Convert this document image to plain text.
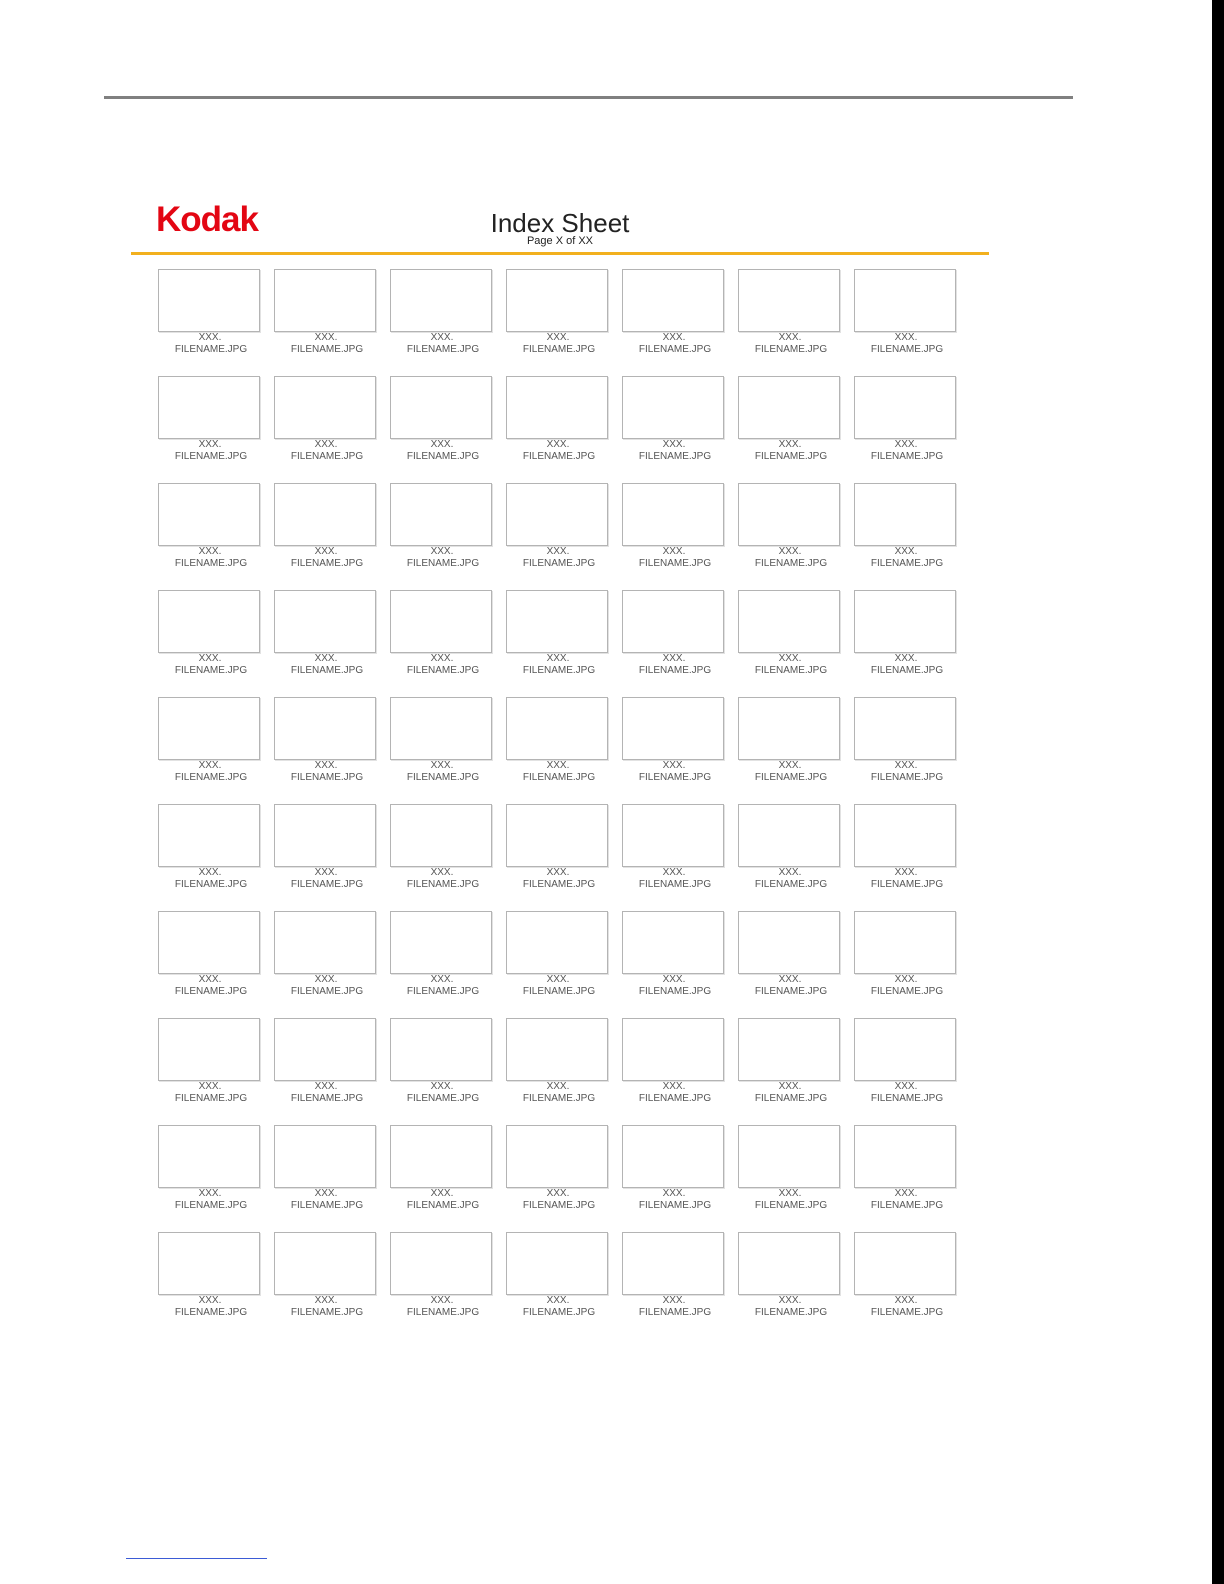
Kodak	Index Sheet
Page X of XX
XXX.
FILENAME.JPG
XXX.
FILENAME.JPG
XXX.
FILENAME.JPG
XXX.
FILENAME.JPG
XXX.
FILENAME.JPG
XXX.
FILENAME.JPG
XXX.
FILENAME.JPG
XXX.
FILENAME.JPG
XXX.
FILENAME.JPG
XXX.
FILENAME.JPG
XXX.
FILENAME.JPG
XXX.
FILENAME.JPG
XXX.
FILENAME.JPG
XXX.
FILENAME.JPG
XXX.
FILENAME.JPG
XXX.
FILENAME.JPG
XXX.
FILENAME.JPG
XXX.
FILENAME.JPG
XXX.
FILENAME.JPG
XXX.
FILENAME.JPG
XXX.
FILENAME.JPG
XXX.
FILENAME.JPG
XXX.
FILENAME.JPG
XXX.
FILENAME.JPG
XXX.
FILENAME.JPG
XXX.
FILENAME.JPG
XXX.
FILENAME.JPG
XXX.
FILENAME.JPG
XXX.
FILENAME.JPG
XXX.
FILENAME.JPG
XXX.
FILENAME.JPG
XXX.
FILENAME.JPG
XXX.
FILENAME.JPG
XXX.
FILENAME.JPG
XXX.
FILENAME.JPG
XXX.
FILENAME.JPG
XXX.
FILENAME.JPG
XXX.
FILENAME.JPG
XXX.
FILENAME.JPG
XXX.
FILENAME.JPG
XXX.
FILENAME.JPG
XXX.
FILENAME.JPG
XXX.
FILENAME.JPG
XXX.
FILENAME.JPG
XXX.
FILENAME.JPG
XXX.
FILENAME.JPG
XXX.
FILENAME.JPG
XXX.
FILENAME.JPG
XXX.
FILENAME.JPG
XXX.
FILENAME.JPG
XXX.
FILENAME.JPG
XXX.
FILENAME.JPG
XXX.
FILENAME.JPG
XXX.
FILENAME.JPG
XXX.
FILENAME.JPG
XXX.
FILENAME.JPG
XXX.
FILENAME.JPG
XXX.
FILENAME.JPG
XXX.
FILENAME.JPG
XXX.
FILENAME.JPG
XXX.
FILENAME.JPG
XXX.
FILENAME.JPG
XXX.
FILENAME.JPG
XXX.
FILENAME.JPG
XXX.
FILENAME.JPG
XXX.
FILENAME.JPG
XXX.
FILENAME.JPG
XXX.
FILENAME.JPG
XXX.
FILENAME.JPG
XXX.
FILENAME.JPG
